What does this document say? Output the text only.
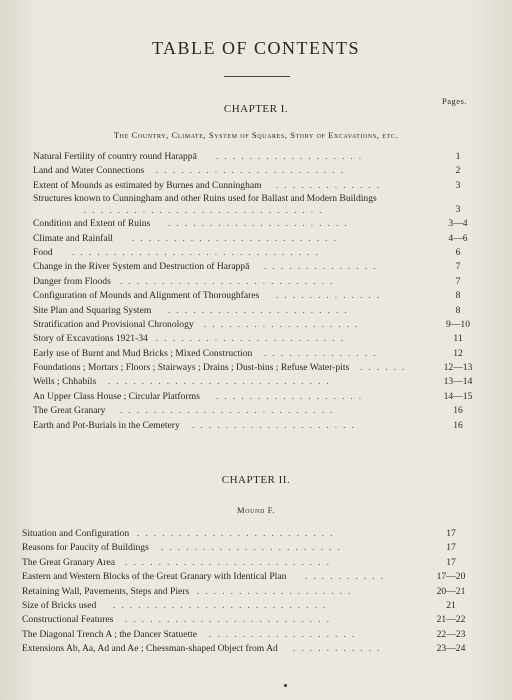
TABLE OF CONTENTS
Pages.
CHAPTER I.
The Country, Climate, System of Squares, Story of Excavations, etc.
Natural Fertility of country round Harappā ..................	1
Land and Water Connections .......................	2
Extent of Mounds as estimated by Burnes and Cunningham .............	3
Structures known to Cunningham and other Ruins used for Ballast and Modern Buildings
.............................	3
Condition and Extent of Ruins ......................	3—4
Climate and Rainfall .........................	4—6
Food ..............................	6
Change in the River System and Destruction of Harappā ..............	7
Danger from Floods ..........................	7
Configuration of Mounds and Alignment of Thoroughfares .............	8
Site Plan and Squaring System ......................	8
Stratification and Provisional Chronology ...................	9—10
Story of Excavations 1921-34 .......................	11
Early use of Burnt and Mud Bricks ; Mixed Construction ..............	12
Foundations ; Mortars ; Floors ; Stairways ; Drains ; Dust-bins ; Refuse Water-pits ......	12—13
Wells ; Chhabils ...........................	13—14
An Upper Class House ; Circular Platforms ..................	14—15
The Great Granary ..........................	16
Earth and Pot-Burials in the Cemetery ....................	16
CHAPTER II.
Mound F.
Situation and Configuration ........................	17
Reasons for Paucity of Buildings ......................	17
The Great Granary Area .........................	17
Eastern and Western Blocks of the Great Granary with Identical Plan ..........	17—20
Retaining Wall, Pavements, Steps and Piers ...................	20—21
Size of Bricks used ..........................	21
Constructional Features .........................	21—22
The Diagonal Trench A ; the Dancer Statuette ..................	22—23
Extensions Ab, Aa, Ad and Ae ; Chessman-shaped Object from Ad ...........	23—24
